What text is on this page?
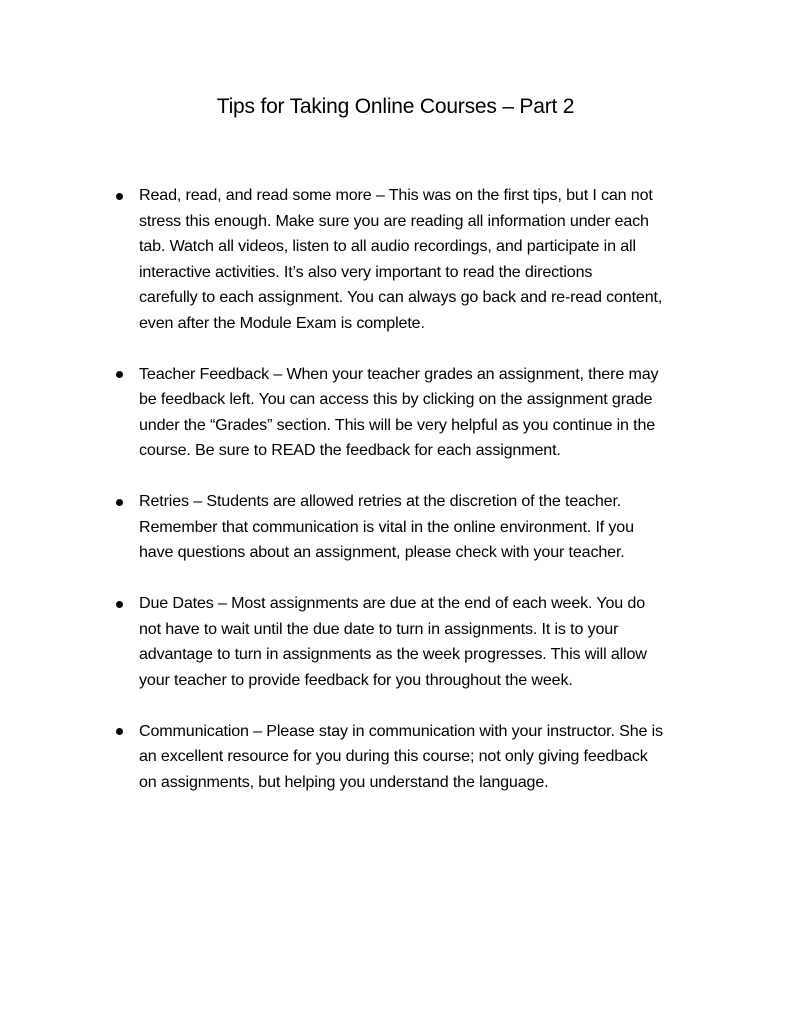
Tips for Taking Online Courses – Part 2
Read, read, and read some more – This was on the first tips, but I can not
stress this enough. Make sure you are reading all information under each
tab. Watch all videos, listen to all audio recordings, and participate in all
interactive activities. It’s also very important to read the directions
carefully to each assignment. You can always go back and re-read content,
even after the Module Exam is complete.
Teacher Feedback – When your teacher grades an assignment, there may
be feedback left. You can access this by clicking on the assignment grade
under the “Grades” section. This will be very helpful as you continue in the
course. Be sure to READ the feedback for each assignment.
Retries – Students are allowed retries at the discretion of the teacher.
Remember that communication is vital in the online environment. If you
have questions about an assignment, please check with your teacher.
Due Dates – Most assignments are due at the end of each week. You do
not have to wait until the due date to turn in assignments. It is to your
advantage to turn in assignments as the week progresses. This will allow
your teacher to provide feedback for you throughout the week.
Communication – Please stay in communication with your instructor. She is
an excellent resource for you during this course; not only giving feedback
on assignments, but helping you understand the language.
